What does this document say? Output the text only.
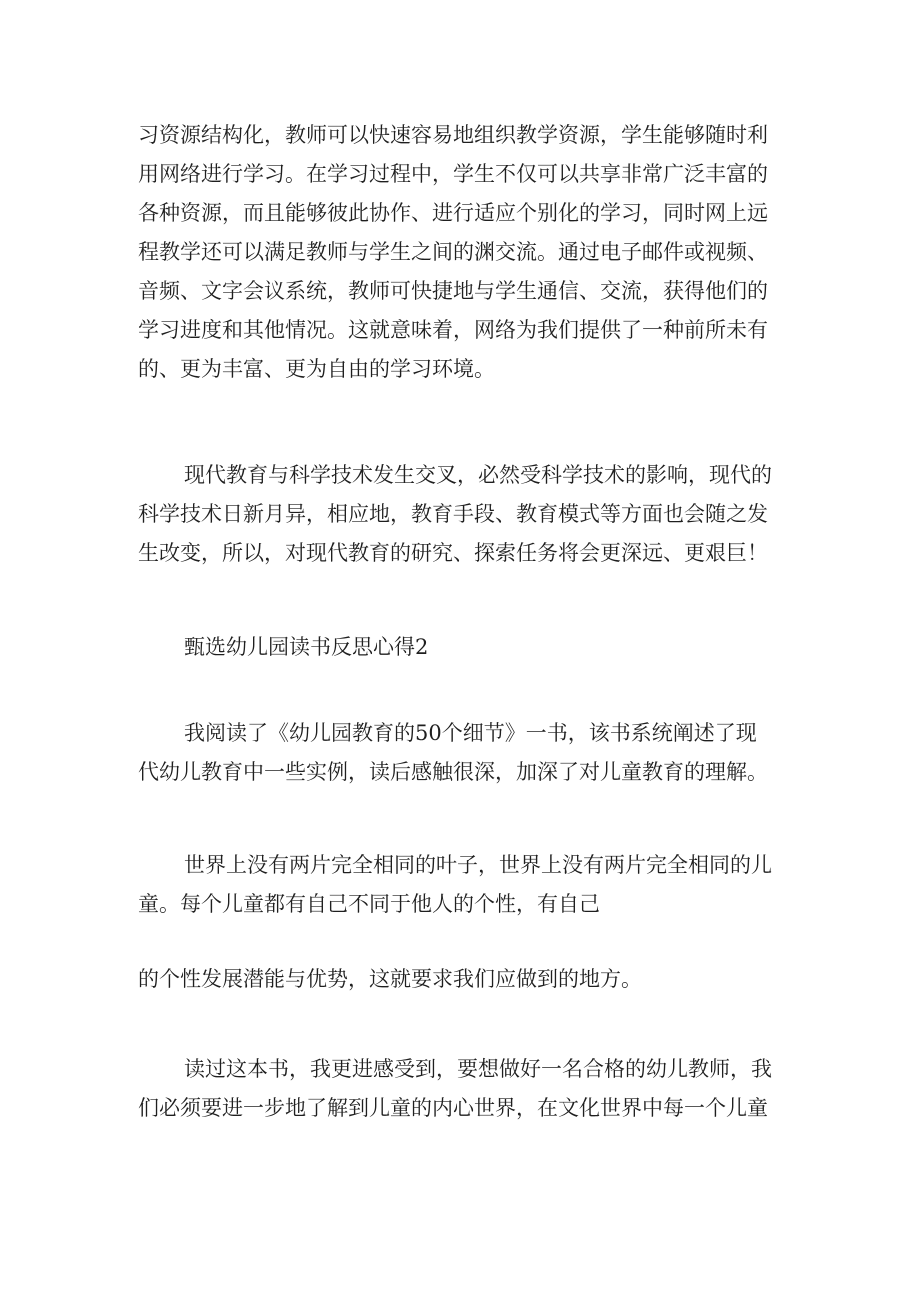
习资源结构化，教师可以快速容易地组织教学资源，学生能够随时利
用网络进行学习。在学习过程中，学生不仅可以共享非常广泛丰富的
各种资源，而且能够彼此协作、进行适应个别化的学习，同时网上远
程教学还可以满足教师与学生之间的渊交流。通过电子邮件或视频、
音频、文字会议系统，教师可快捷地与学生通信、交流，获得他们的
学习进度和其他情况。这就意味着，网络为我们提供了一种前所未有
的、更为丰富、更为自由的学习环境。

现代教育与科学技术发生交叉，必然受科学技术的影响，现代的
科学技术日新月异，相应地，教育手段、教育模式等方面也会随之发
生改变，所以，对现代教育的研究、探索任务将会更深远、更艰巨！

甄选幼儿园读书反思心得2

我阅读了《幼儿园教育的50个细节》一书，该书系统阐述了现
代幼儿教育中一些实例，读后感触很深，加深了对儿童教育的理解。

世界上没有两片完全相同的叶子，世界上没有两片完全相同的儿
童。每个儿童都有自己不同于他人的个性，有自己

的个性发展潜能与优势，这就要求我们应做到的地方。

读过这本书，我更进感受到，要想做好一名合格的幼儿教师，我
们必须要进一步地了解到儿童的内心世界，在文化世界中每一个儿童
